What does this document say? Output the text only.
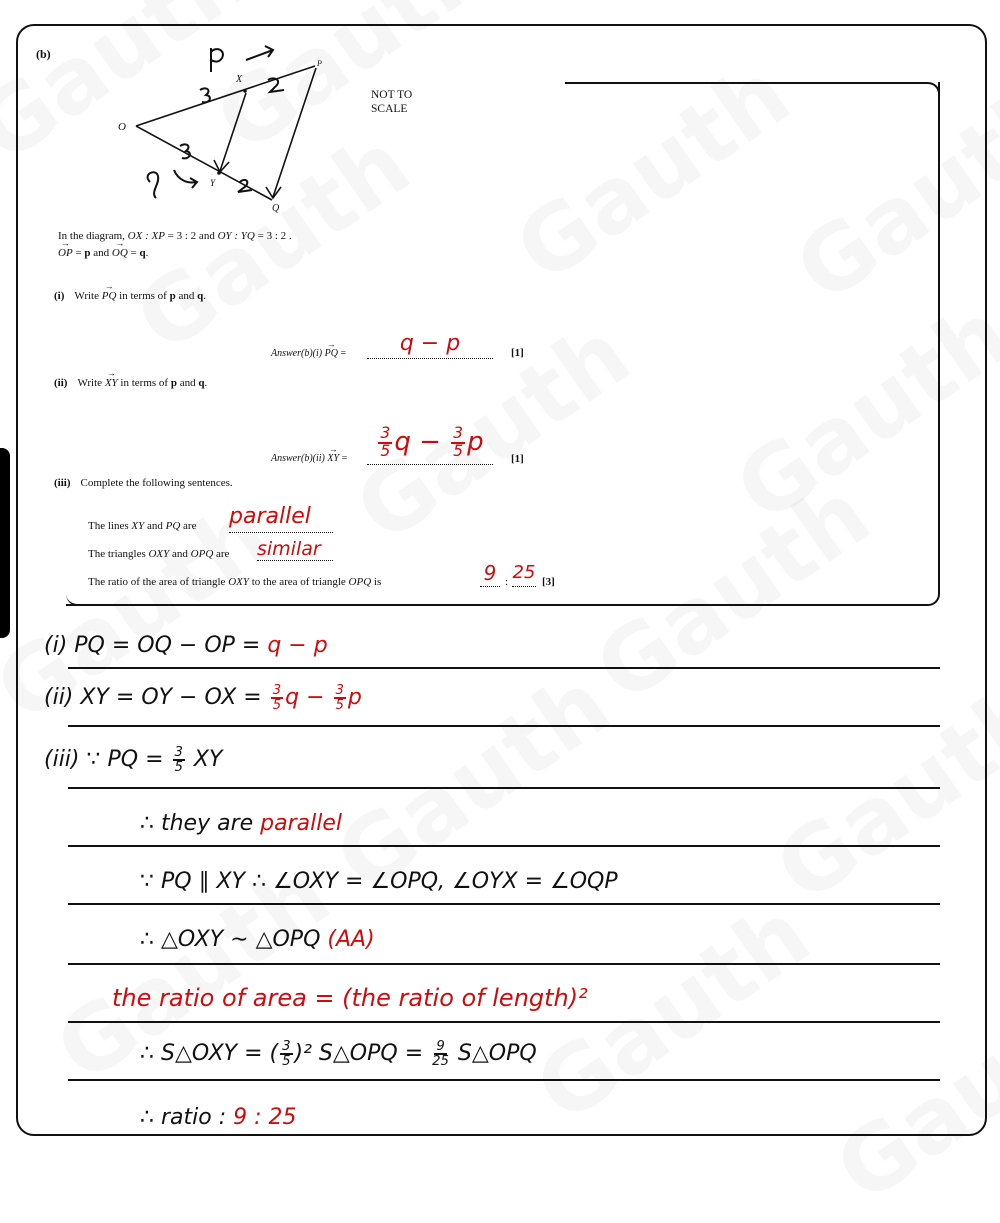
(b)
O
X
P
Y
Q
NOT TO
SCALE
In the diagram, OX : XP = 3 : 2 and OY : YQ = 3 : 2 .
→ OP = p and → OQ = q.
(i) Write → PQ in terms of p and q.
Answer(b)(i) → PQ =	q − p	[1]
(ii) Write → XY in terms of p and q.
Answer(b)(ii) → XY = $\frac{3}{5}$ $q - \frac{3}{5}$ p
[1]
(iii) Complete the following sentences.
The lines XY and PQ are parallel
The triangles OXY and OPQ are similar
The ratio of the area of triangle OXY to the area of triangle OPQ is	9 : 25 [3]
(i) PQ = OQ − OP = q − p
(ii) XY = OY − OX = $\frac{3}{5}$ $q - \frac{3}{5}$ p
(iii) ∵ PQ = $\frac{3}{5}$ XY
∴ they are parallel
∵ PQ ∥ XY ∴ ∠OXY = ∠OPQ, ∠OYX = ∠OQP
∴ △OXY ∼ △OPQ (AA)
the ratio of area = (the ratio of length)²
∴ S△OXY = ( $\frac{3}{5} )^2$ S△OPQ = $\frac{9}{25}$ S△OPQ
∴ ratio : 9 : 25
